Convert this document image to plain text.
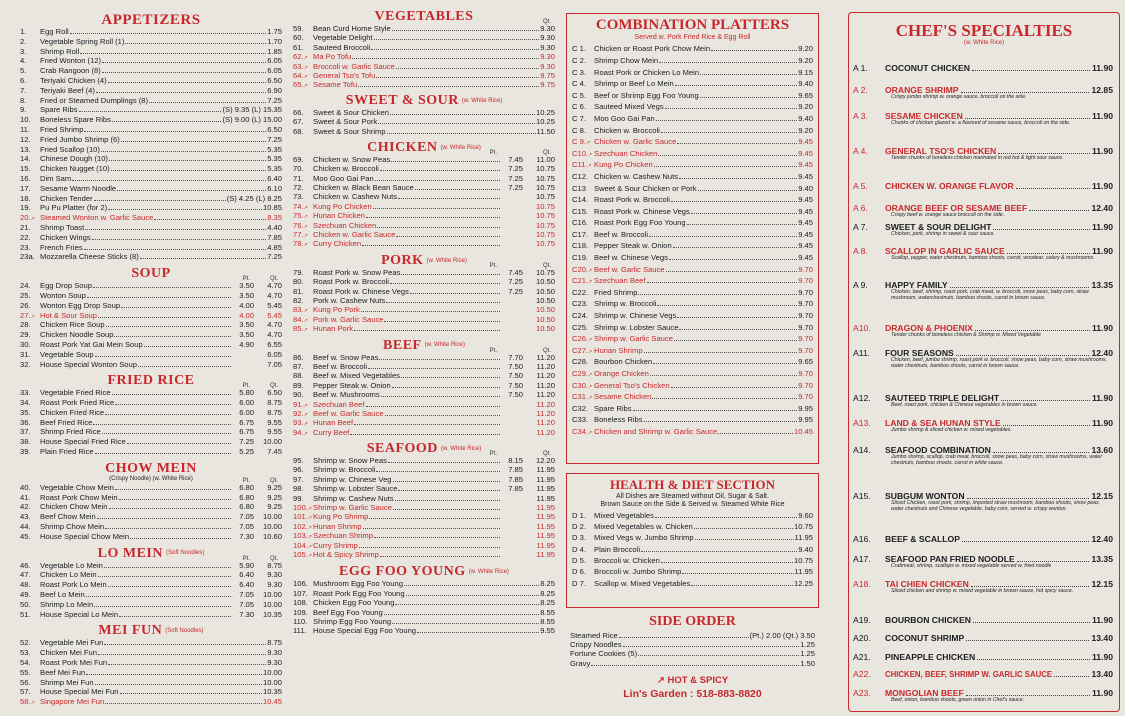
APPETIZERS
1.	Egg Roll	1.75
2.	Vegetable Spring Roll (1)	1.70
3.	Shrimp Roll	1.85
4.	Fried Wonton (12)	6.05
5.	Crab Rangoon (8)	6.05
6.	Teriyaki Chicken (4)	6.50
7.	Teriyaki Beef (4)	6.90
8.	Fried or Steamed Dumplings (8)	7.25
9.	Spare Ribs	(S) 9.35 (L) 15.35
10.	Boneless Spare Ribs	(S) 9.00 (L) 15.00
11.	Fried Shrimp	6.50
12.	Fried Jumbo Shrimp (6)	7.25
13.	Fried Scallop (10)	5.35
14.	Chinese Dough (10)	5.35
15.	Chicken Nugget (10)	5.35
16.	Dim Sam	6.40
17.	Sesame Warm Noodle	6.10
18.	Chicken Tender	(S) 4.25 (L) 8.25
19.	Pu Pu Platter (for 2)	10.85
20. ↗	Steamed Wonton w. Garlic Sauce	8.35
21.	Shrimp Toast	4.40
22.	Chicken Wings	7.85
23.	French Fries	4.85
23a. Mozzarella Cheese Sticks (8)	7.25
SOUP	Pt.	Qt.
24.	Egg Drop Soup	3.50	4.70
25.	Wonton Soup	3.50	4.70
26.	Wonton Egg Drop Soup	4.00	5.45
27. ↗	Hot & Sour Soup	4.00	5.45
28.	Chicken Rice Soup	3.50	4.70
29.	Chicken Noodle Soup	3.50	4.70
30.	Roast Pork Yat Gai Mein Soup	4.90	6.55
31.	Vegetable Soup	6.05
32.	House Special Wonton Soup	7.05
FRIED RICE	Pt.	Qt.
33.	Vegetable Fried Rice	5.80	6.50
34.	Roast Pork Fried Rice	6.00	8.75
35.	Chicken Fried Rice	6.00	8.75
36.	Beef Fried Rice	6.75	9.55
37.	Shrimp Fried Rice	6.75	9.55
38.	House Special Fried Rice	7.25	10.00
39.	Plain Fried Rice	5.25	7.45
CHOW MEIN
(Crispy Noodle) (w. White Rice)	Pt.	Qt.
40.	Vegetable Chow Mein	6.80	9.25
41.	Roast Pork Chow Mein	6.80	9.25
42.	Chicken Chow Mein	6.80	9.25
43.	Beef Chow Mein	7.05	10.00
44.	Shrimp Chow Mein	7.05	10.00
45.	House Special Chow Mein	7.30	10.60
LO MEIN (Soft Noodles)
Pt.	Qt.
46.	Vegetable Lo Mein	5.90	8.75
47.	Chicken Lo Mein	6.40	9.30
48.	Roast Pork Lo Mein	6.40	9.30
49.	Beef Lo Mein	7.05	10.00
50.	Shrimp Lo Mein	7.05	10.00
51.	House Special Lo Mein	7.30	10.35
MEI FUN (Soft Noodles)
52.	Vegetable Mei Fun	8.75
53.	Chicken Mei Fun	9.30
54.	Roast Pork Mei Fun	9.30
55.	Beef Mei Fun	10.00
56.	Shrimp Mei Fun	10.00
57.	House Special Mei Fun	10.35
58. ↗	Singapore Mei Fun	10.45
VEGETABLES	Qt.
59.	Bean Curd Home Style	9.30
60.	Vegetable Delight	9.30
61.	Sauteed Broccoli	9.30
62. ↗	Ma Po Tofu	9.30
63. ↗	Broccoli w. Garlic Sauce	9.30
64. ↗	General Tso's Tofu	9.75
65. ↗	Sesame Tofu	9.75
SWEET & SOUR (w. White Rice)
66.	Sweet & Sour Chicken	10.25
67.	Sweet & Sour Pork	10.25
68.	Sweet & Sour Shrimp	11.50
CHICKEN (w. White Rice)
Pt.	Qt.
69.	Chicken w. Snow Peas	7.45	11.00
70.	Chicken w. Broccoli	7.25	10.75
71.	Moo Goo Gai Pan	7.25	10.75
72.	Chicken w. Black Bean Sauce	7.25	10.75
73.	Chicken w. Cashew Nuts	10.75
74. ↗	Kung Po Chicken	10.75
75. ↗	Hunan Chicken	10.75
76. ↗	Szechuan Chicken	10.75
77. ↗	Chicken w. Garlic Sauce	10.75
78. ↗	Curry Chicken	10.75
PORK (w. White Rice)
Pt.	Qt.
79.	Roast Pork w. Snow Peas	7.45	10.75
80.	Roast Pork w. Broccoli	7.25	10.50
81.	Roast Pork w. Chinese Vegs	7.25	10.50
82.	Pork w. Cashew Nuts	10.50
83. ↗	Kung Po Pork	10.50
84. ↗	Pork w. Garlic Sauce	10.50
85. ↗	Hunan Pork	10.50
BEEF (w. White Rice)
Pt.	Qt.
86.	Beef w. Snow Peas	7.70	11.20
87.	Beef w. Broccoli	7.50	11.20
88.	Beef w. Mixed Vegetables	7.50	11.20
89.	Pepper Steak w. Onion	7.50	11.20
90.	Beef w. Mushrooms	7.50	11.20
91. ↗	Szechuan Beef	11.20
92. ↗	Beef w. Garlic Sauce	11.20
93. ↗	Hunan Beef	11.20
94. ↗	Curry Beef	11.20
SEAFOOD (w. White Rice)
Pt.	Qt.
95.	Shrimp w. Snow Peas	8.15	12.20
96.	Shrimp w. Broccoli	7.85	11.95
97.	Shrimp w. Chinese Veg	7.85	11.95
98.	Shrimp w. Lobster Sauce	7.85	11.95
99.	Shrimp w. Cashew Nuts	11.95
100. ↗ Shrimp w. Garlic Sauce	11.95
101. ↗ Kung Po Shrimp	11.95
102. ↗ Hunan Shrimp	11.95
103. ↗ Szechuan Shrimp	11.95
104. ↗ Curry Shrimp	11.95
105. ↗ Hot & Spicy Shrimp	11.95
EGG FOO YOUNG (w. White Rice)
106. Mushroom Egg Foo Young	8.25
107. Roast Pork Egg Foo Young	8.25
108. Chicken Egg Foo Young	8.25
109. Beef Egg Foo Young	8.55
110. Shrimp Egg Foo Young	8.55
111. House Special Egg Foo Young	9.55
COMBINATION PLATTERS
Served w. Pork Fried Rice & Egg Roll
C 1.	Chicken or Roast Pork Chow Mein	9.20
C 2.	Shrimp Chow Mein	9.20
C 3.	Roast Pork or Chicken Lo Mein	9.15
C 4.	Shrimp or Beef Lo Mein	9.40
C 5.	Beef or Shrimp Egg Foo Young	9.65
C 6.	Sauteed Mixed Vegs	9.20
C 7.	Moo Goo Gai Pan	9.40
C 8.	Chicken w. Broccoli	9.20
C 9. ↗	Chicken w. Garlic Sauce	9.45
C10. ↗ Szechuan Chicken	9.45
C11. ↗ Kung Po Chicken	9.45
C12. Chicken w. Cashew Nuts	9.45
C13	Sweet & Sour Chicken or Pork	9.40
C14. Roast Pork w. Broccoli	9.45
C15. Roast Pork w. Chinese Vegs	9.45
C16. Roast Pork Egg Foo Young	9.45
C17. Beef w. Broccoli	9.45
C18. Pepper Steak w. Onion	9.45
C19. Beef w. Chinese Vegs	9.45
C20. ↗ Beef w. Garlic Sauce	9.70
C21. ↗ Szechuan Beef	9.70
C22. Fried Shrimp	9.70
C23. Shrimp w. Broccoli	9.70
C24. Shrimp w. Chinese Vegs	9.70
C25. Shrimp w. Lobster Sauce	9.70
C26. ↗ Shrimp w. Garlic Sauce	9.70
C27. ↗ Hunan Shrimp	9.70
C28. Bourbon Chicken	9.65
C29. ↗ Orange Chicken	9.70
C30. ↗ General Tso's Chicken	9.70
C31. ↗ Sesame Chicken	9.70
C32. Spare Ribs	9.95
C33. Boneless Ribs	9.95
C34. ↗ Chicken and Shrimp w. Garlic Sauce	10.45
HEALTH & DIET SECTION
All Dishes are Steamed without Oil, Sugar & Salt.
Brown Sauce on the Side & Served w. Steamed White Rice
D 1.	Mixed Vegetables	9.60
D 2.	Mixed Vegetables w. Chicken	10.75
D 3.	Mixed Vegs w. Jumbo Shrimp	11.95
D 4.	Plain Broccoli	9.40
D 5.	Broccoli w. Chicken	10.75
D 6.	Broccoli w. Jumbo Shrimp	11.95
D 7.	Scallop w. Mixed Vegetables	12.25
SIDE ORDER
Steamed Rice	(Pt.) 2.00 (Qt.) 3.50
Crispy Noodles	1.25
Fortune Cookies (5)	1.25
Gravy	1.50
↗ HOT & SPICY
Lin's Garden : 518-883-8820
CHEF'S SPECIALTIES
(w. White Rice)
A 1.	COCONUT CHICKEN	11.90
A 2.	ORANGE SHRIMP	12.85
Crispy jumbo shrimp w. orange sauce, broccoli on the side.
A 3.	SESAME CHICKEN	11.90
Chunks of chicken glazed w. a flavored of sesame sauce, broccoli on the side.
A 4.	GENERAL TSO'S CHICKEN	11.90
Tender chunks of boneless chicken marinated in red hot & light sour sauce.
A 5.	CHICKEN W. ORANGE FLAVOR	11.90
A 6.	ORANGE BEEF OR SESAME BEEF	12.40
Crispy beef w. orange sauce broccoli on the side.
A 7.	SWEET & SOUR DELIGHT	11.90
Chicken, pork, shrimp in sweet & sour sauce.
A 8.	SCALLOP IN GARLIC SAUCE	11.90
Scallop, pepper, water chestnuts, bamboo shoots, carrot, woodear, celery & mushrooms.
A 9.	HAPPY FAMILY	13.35
Chicken, beef, shrimp, roast pork, crab meat, w. broccoli, snow peas, baby corn, straw mushroom, waterchestnuts, bamboo shoots, carrot in brown sauce.
A10.	DRAGON & PHOENIX	11.90
Tender chunks of boneless chicken & Shrimp w. Mixed Vegetable
A11.	FOUR SEASONS	12.40
Chicken, beef, jumbo shrimp, roast pork w. broccoli, snow peas, baby corn, straw mushrooms, water chestnuts, bamboo shoots, carrot in brown sauce.
A12.	SAUTEED TRIPLE DELIGHT	11.90
Beef, roast pork, chicken & Chinese vegetables in brown sauce.
A13.	LAND & SEA HUNAN STYLE	11.90
Jumbo shrimp & sliced chicken w. mixed vegetables.
A14.	SEAFOOD COMBINATION	13.60
Jumbo shrimp, scallop, crab meat, broccoli, snow peas, baby corn, straw mushrooms, water chestnuts, bamboo shoots, carrot in white sauce.
A15.	SUBGUM WONTON	12.15
Sliced Chicken, roast pork, shrimp, imported straw mushroom, bamboo shoots, snow peas, water chestnuts and Chinese vegetable, baby corn, served w. crispy wonton.
A16.	BEEF & SCALLOP	12.40
A17.	SEAFOOD PAN FRIED NOODLE	13.35
Crabmeat, shrimp, scallops w. mixed vegetable served w. fried noodle
A18.	TAI CHIEN CHICKEN	12.15
Sliced chicken and shrimp w. mixed vegetable in brown sauce, hot spicy sauce.
A19.	BOURBON CHICKEN	11.90
A20.	COCONUT SHRIMP	13.40
A21.	PINEAPPLE CHICKEN	11.90
A22.	CHICKEN, BEEF, SHRIMP W. GARLIC SAUCE	13.40
A23.	MONGOLIAN BEEF	11.90
Beef, onion, bamboo shoots, green onion in Chef's sauce.
